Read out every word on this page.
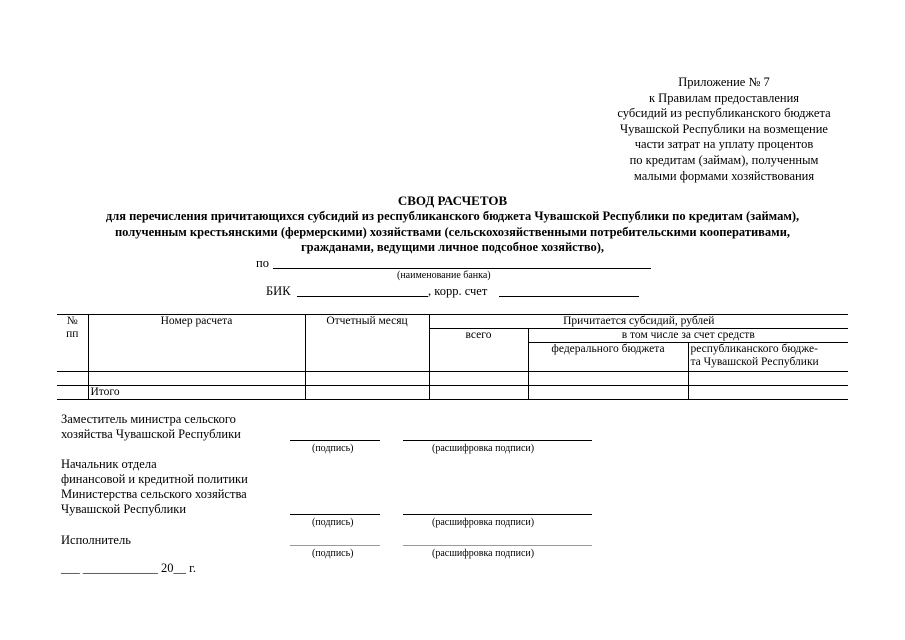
Приложение № 7
к Правилам предоставления
субсидий из республиканского бюджета
Чувашской Республики на возмещение
части затрат на уплату процентов
по кредитам (займам), полученным
малыми формами хозяйствования
СВОД РАСЧЕТОВ
для перечисления причитающихся субсидий из республиканского бюджета Чувашской Республики по кредитам (займам),
полученным крестьянскими (фермерскими) хозяйствами (сельскохозяйственными потребительскими кооперативами,
гражданами, ведущими личное подсобное хозяйство),
по
(наименование банка)
БИК	, корр. счет
№
пп	Номер расчета	Отчетный месяц	Причитается субсидий, рублей		
			всего	в том числе за счет средств	
				федерального бюджета	республиканского бюдже-
та Чувашской Республики

	Итого				
Заместитель министра сельского
хозяйства Чувашской Республики
(подпись)	(расшифровка подписи)
Начальник отдела
финансовой и кредитной политики
Министерства сельского хозяйства
Чувашской Республики
(подпись)	(расшифровка подписи)
Исполнитель
(подпись)	(расшифровка подписи)
___ ____________ 20__ г.
